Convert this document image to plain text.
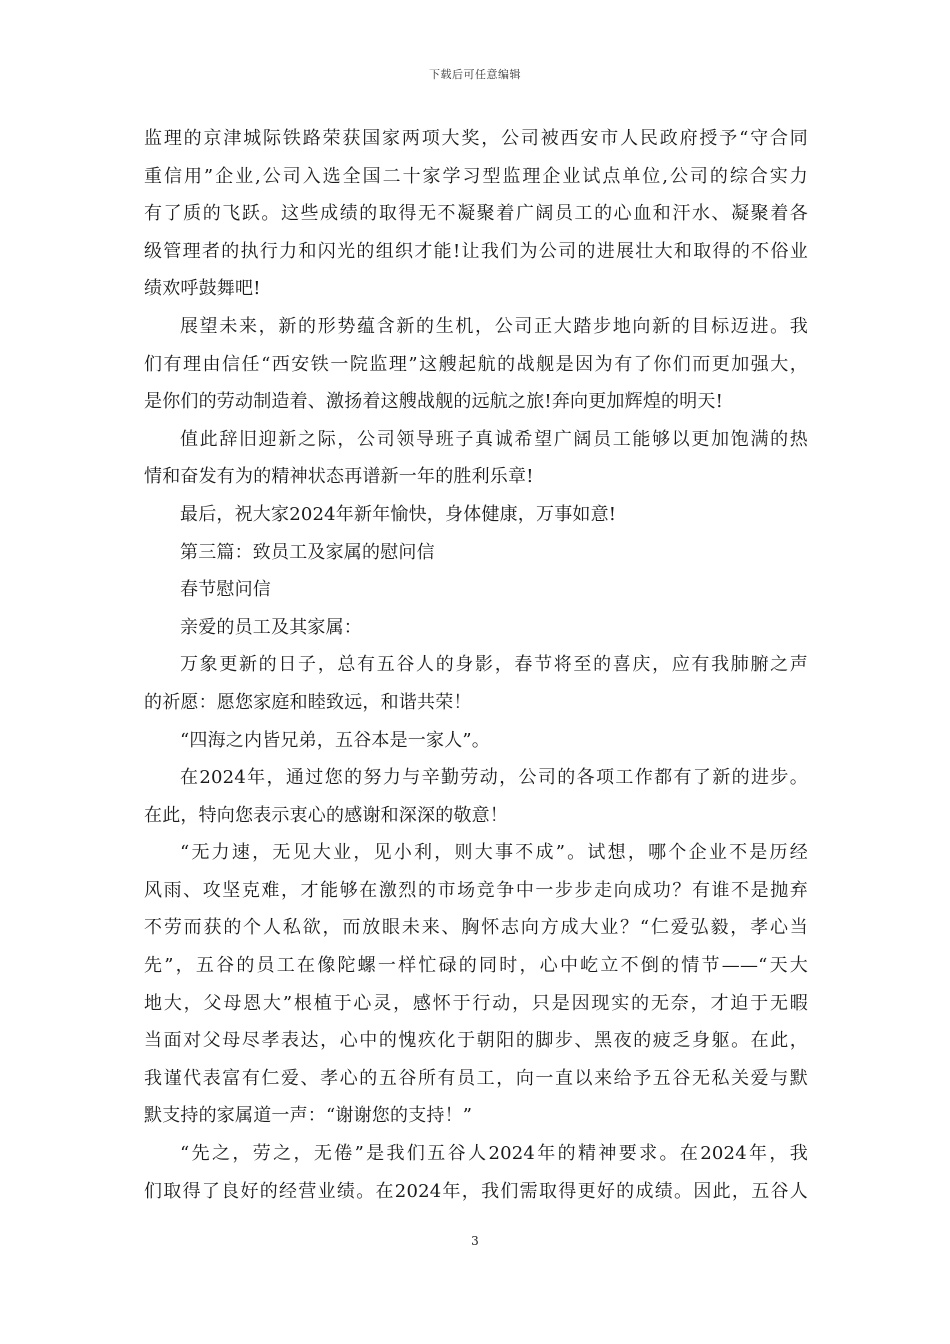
下载后可任意编辑
监理的京津城际铁路荣获国家两项大奖，公司被西安市人民政府授予“守合同
重信用”企业,公司入选全国二十家学习型监理企业试点单位,公司的综合实力
有了质的飞跃。这些成绩的取得无不凝聚着广阔员工的心血和汗水、凝聚着各
级管理者的执行力和闪光的组织才能!让我们为公司的进展壮大和取得的不俗业
绩欢呼鼓舞吧!
展望未来，新的形势蕴含新的生机，公司正大踏步地向新的目标迈进。我
们有理由信任“西安铁一院监理”这艘起航的战舰是因为有了你们而更加强大，
是你们的劳动制造着、激扬着这艘战舰的远航之旅!奔向更加辉煌的明天!
值此辞旧迎新之际，公司领导班子真诚希望广阔员工能够以更加饱满的热
情和奋发有为的精神状态再谱新一年的胜利乐章!
最后，祝大家2024年新年愉快，身体健康，万事如意!
第三篇：致员工及家属的慰问信
春节慰问信
亲爱的员工及其家属：
万象更新的日子，总有五谷人的身影，春节将至的喜庆，应有我肺腑之声
的祈愿：愿您家庭和睦致远，和谐共荣！
“四海之内皆兄弟，五谷本是一家人”。
在2024年，通过您的努力与辛勤劳动，公司的各项工作都有了新的进步。
在此，特向您表示衷心的感谢和深深的敬意！
“无力速，无见大业，见小利，则大事不成”。试想，哪个企业不是历经
风雨、攻坚克难，才能够在激烈的市场竞争中一步步走向成功？有谁不是抛弃
不劳而获的个人私欲，而放眼未来、胸怀志向方成大业？“仁爱弘毅，孝心当
先”，五谷的员工在像陀螺一样忙碌的同时，心中屹立不倒的情节——“天大
地大，父母恩大”根植于心灵，感怀于行动，只是因现实的无奈，才迫于无暇
当面对父母尽孝表达，心中的愧疚化于朝阳的脚步、黑夜的疲乏身躯。在此，
我谨代表富有仁爱、孝心的五谷所有员工，向一直以来给予五谷无私关爱与默
默支持的家属道一声：“谢谢您的支持！”
“先之，劳之，无倦”是我们五谷人2024年的精神要求。在2024年，我
们取得了良好的经营业绩。在2024年，我们需取得更好的成绩。因此，五谷人
3
